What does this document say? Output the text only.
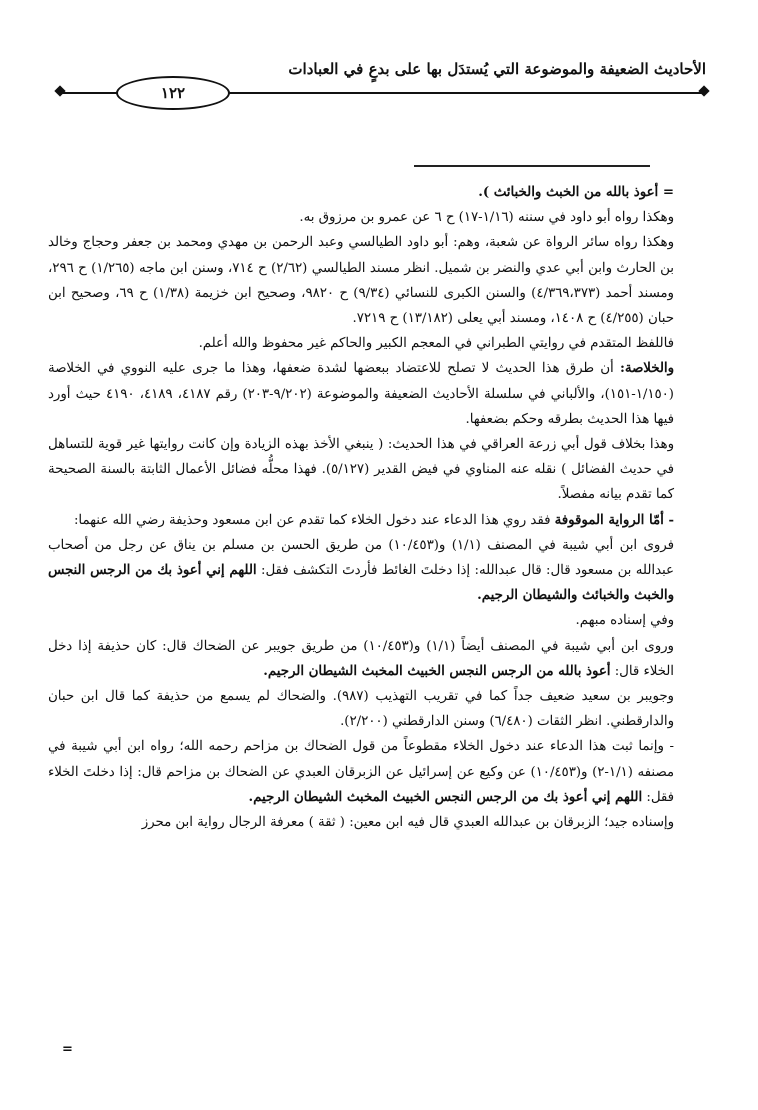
الأحاديث الضعيفة والموضوعة التي يُستدَل بها على بدعٍ في العبادات
١٢٢

= أعوذ بالله من الخبث والخبائث ).

وهكذا رواه أبو داود في سننه (١/١٦-١٧) ح ٦ عن عمرو بن مرزوق به.

وهكذا رواه سائر الرواة عن شعبة، وهم: أبو داود الطيالسي وعبد الرحمن بن مهدي ومحمد بن جعفر وحجاج وخالد بن الحارث وابن أبي عدي والنضر بن شميل. انظر مسند الطيالسي (٢/٦٢) ح ٧١٤، وسنن ابن ماجه (١/٢٦٥) ح ٢٩٦، ومسند أحمد (٤/٣٦٩،٣٧٣) والسنن الكبرى للنسائي (٩/٣٤) ح ٩٨٢٠، وصحيح ابن خزيمة (١/٣٨) ح ٦٩، وصحيح ابن حبان (٤/٢٥٥) ح ١٤٠٨، ومسند أبي يعلى (١٣/١٨٢) ح ٧٢١٩.

فاللفظ المتقدم في روايتي الطبراني في المعجم الكبير والحاكم غير محفوظ والله أعلم.

والخلاصة: أن طرق هذا الحديث لا تصلح للاعتضاد ببعضها لشدة ضعفها، وهذا ما جرى عليه النووي في الخلاصة (١/١٥٠-١٥١)، والألباني في سلسلة الأحاديث الضعيفة والموضوعة (٩/٢٠٢-٢٠٣) رقم ٤١٨٧، ٤١٨٩، ٤١٩٠ حيث أورد فيها هذا الحديث بطرقه وحكم بضعفها.

وهذا بخلاف قول أبي زرعة العراقي في هذا الحديث: ( ينبغي الأخذ بهذه الزيادة وإن كانت روايتها غير قوية للتساهل في حديث الفضائل ) نقله عنه المناوي في فيض القدير (٥/١٢٧). فهذا محلُّه فضائل الأعمال الثابتة بالسنة الصحيحة كما تقدم بيانه مفصلاً.

- أمّا الرواية الموقوفة فقد روي هذا الدعاء عند دخول الخلاء كما تقدم عن ابن مسعود وحذيفة رضي الله عنهما:

فروى ابن أبي شيبة في المصنف (١/١) و(١٠/٤٥٣) من طريق الحسن بن مسلم بن يناق عن رجل من أصحاب عبدالله بن مسعود قال: قال عبدالله: إذا دخلتَ الغائط فأردتَ التكشف فقل: اللهم إني أعوذ بك من الرجس النجس والخبث والخبائث والشيطان الرجيم.

وفي إسناده مبهم.

وروى ابن أبي شيبة في المصنف أيضاً (١/١) و(١٠/٤٥٣) من طريق جويبر عن الضحاك قال: كان حذيفة إذا دخل الخلاء قال: أعوذ بالله من الرجس النجس الخبيث المخبث الشيطان الرجيم.

وجويبر بن سعيد ضعيف جداً كما في تقريب التهذيب (٩٨٧). والضحاك لم يسمع من حذيفة كما قال ابن حبان والدارقطني. انظر الثقات (٦/٤٨٠) وسنن الدارقطني (٢/٢٠٠).

- وإنما ثبت هذا الدعاء عند دخول الخلاء مقطوعاً من قول الضحاك بن مزاحم رحمه الله؛ رواه ابن أبي شيبة في مصنفه (١/١-٢) و(١٠/٤٥٣) عن وكيع عن إسرائيل عن الزبرقان العبدي عن الضحاك بن مزاحم قال: إذا دخلتَ الخلاء فقل: اللهم إني أعوذ بك من الرجس النجس الخبيث المخبث الشيطان الرجيم.

وإسناده جيد؛ الزبرقان بن عبدالله العبدي قال فيه ابن معين: ( ثقة ) معرفة الرجال رواية ابن محرز

=
